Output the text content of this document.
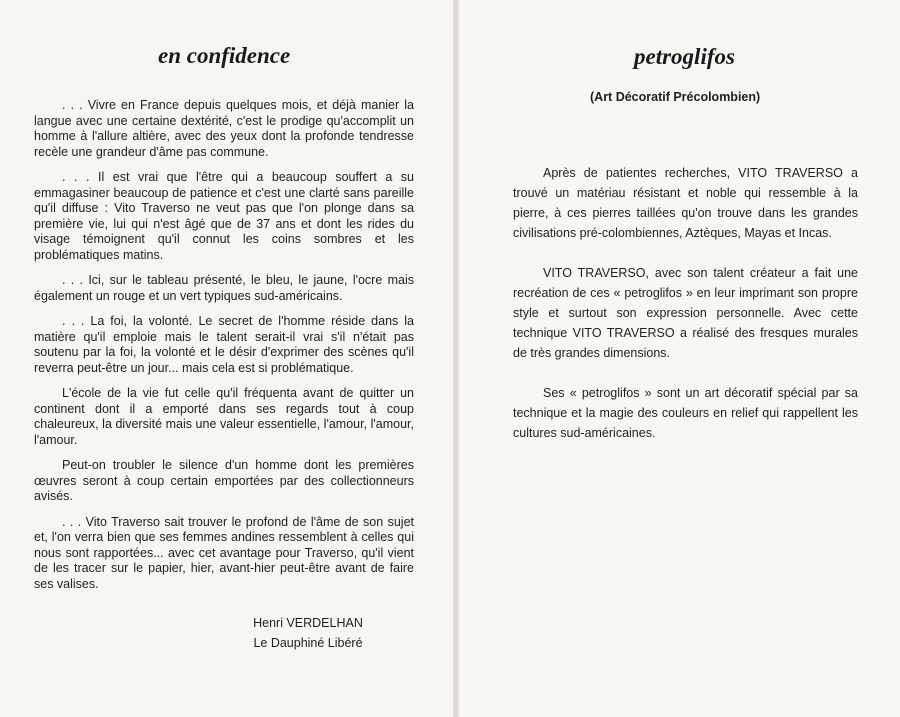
en confidence

. . . Vivre en France depuis quelques mois, et déjà manier la langue avec une certaine dextérité, c'est le prodige qu'accomplit un homme à l'allure altière, avec des yeux dont la profonde tendresse recèle une grandeur d'âme pas commune.

. . . Il est vrai que l'être qui a beaucoup souffert a su emmagasiner beaucoup de patience et c'est une clarté sans pareille qu'il diffuse : Vito Traverso ne veut pas que l'on plonge dans sa première vie, lui qui n'est âgé que de 37 ans et dont les rides du visage témoignent qu'il connut les coins sombres et les problématiques matins.

. . . Ici, sur le tableau présenté, le bleu, le jaune, l'ocre mais également un rouge et un vert typiques sud-américains.

. . . La foi, la volonté. Le secret de l'homme réside dans la matière qu'il emploie mais le talent serait-il vrai s'il n'était pas soutenu par la foi, la volonté et le désir d'exprimer des scènes qu'il reverra peut-être un jour... mais cela est si problématique.

L'école de la vie fut celle qu'il fréquenta avant de quitter un continent dont il a emporté dans ses regards tout à coup chaleureux, la diversité mais une valeur essentielle, l'amour, l'amour, l'amour.

Peut-on troubler le silence d'un homme dont les premières œuvres seront à coup certain emportées par des collectionneurs avisés.

. . . Vito Traverso sait trouver le profond de l'âme de son sujet et, l'on verra bien que ses femmes andines ressemblent à celles qui nous sont rapportées... avec cet avantage pour Traverso, qu'il vient de les tracer sur le papier, hier, avant-hier peut-être avant de faire ses valises.

Henri VERDELHAN
Le Dauphiné Libéré
petroglifos

(Art Décoratif Précolombien)

Après de patientes recherches, VITO TRAVERSO a trouvé un matériau résistant et noble qui ressemble à la pierre, à ces pierres taillées qu'on trouve dans les grandes civilisations pré-colombiennes, Aztèques, Mayas et Incas.

VITO TRAVERSO, avec son talent créateur a fait une recréation de ces « petroglifos » en leur imprimant son propre style et surtout son expression personnelle. Avec cette technique VITO TRAVERSO a réalisé des fresques murales de très grandes dimensions.

Ses « petroglifos » sont un art décoratif spécial par sa technique et la magie des couleurs en relief qui rappellent les cultures sud-américaines.
